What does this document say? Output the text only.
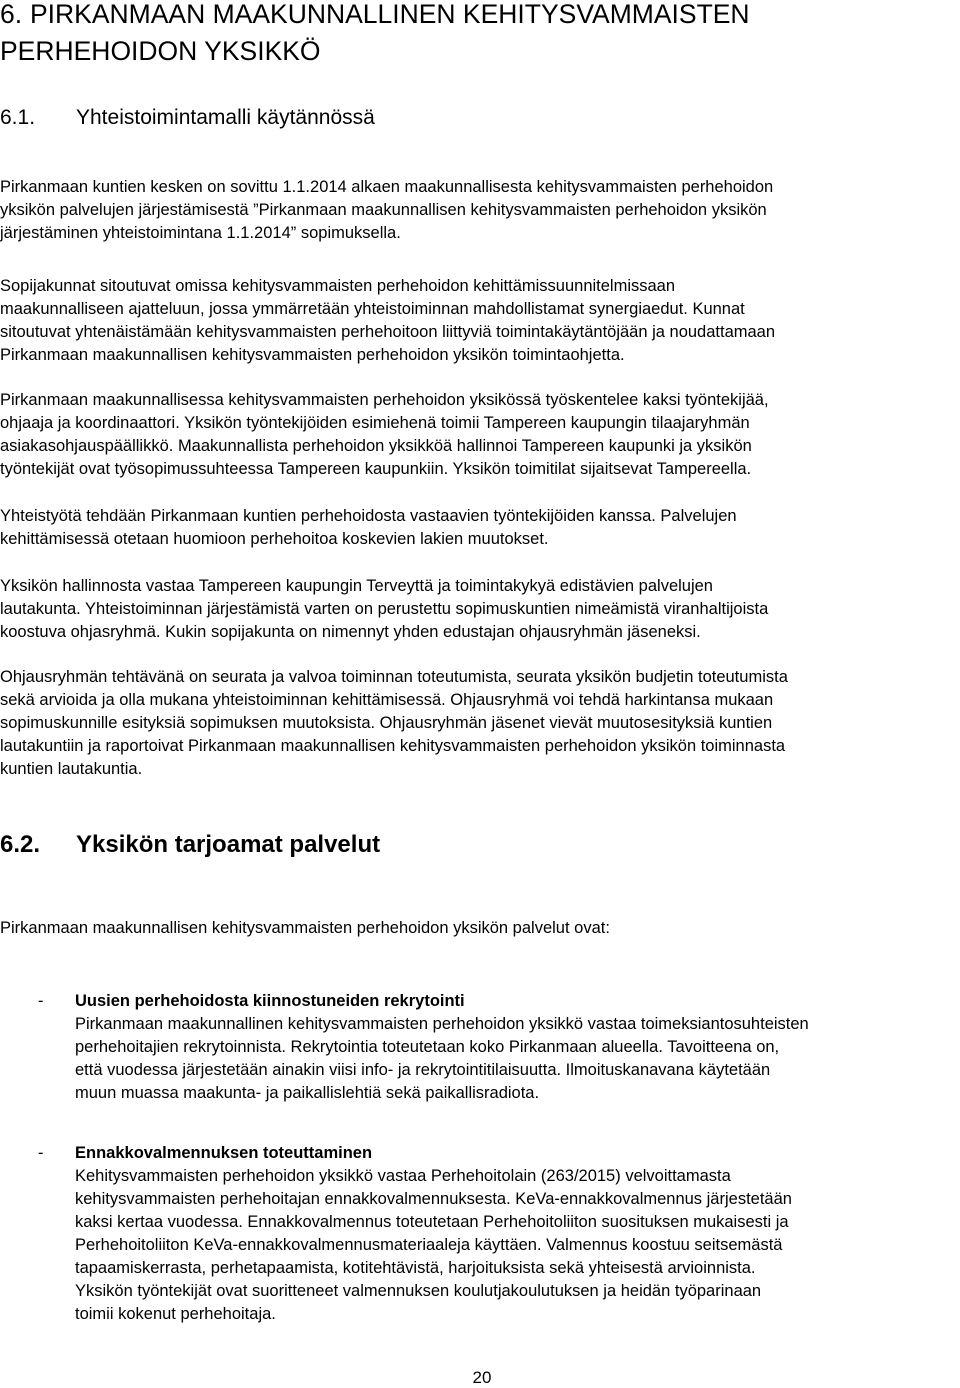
6. PIRKANMAAN MAAKUNNALLINEN KEHITYSVAMMAISTEN
PERHEHOIDON YKSIKKÖ
6.1. Yhteistoimintamalli käytännössä
Pirkanmaan kuntien kesken on sovittu 1.1.2014 alkaen maakunnallisesta kehitysvammaisten perhehoidon
yksikön palvelujen järjestämisestä ”Pirkanmaan maakunnallisen kehitysvammaisten perhehoidon yksikön
järjestäminen yhteistoimintana 1.1.2014” sopimuksella.
Sopijakunnat sitoutuvat omissa kehitysvammaisten perhehoidon kehittämissuunnitelmissaan
maakunnalliseen ajatteluun, jossa ymmärretään yhteistoiminnan mahdollistamat synergiaedut. Kunnat
sitoutuvat yhtenäistämään kehitysvammaisten perhehoitoon liittyviä toimintakäytäntöjään ja noudattamaan
Pirkanmaan maakunnallisen kehitysvammaisten perhehoidon yksikön toimintaohjetta.
Pirkanmaan maakunnallisessa kehitysvammaisten perhehoidon yksikössä työskentelee kaksi työntekijää,
ohjaaja ja koordinaattori. Yksikön työntekijöiden esimiehenä toimii Tampereen kaupungin tilaajaryhmän
asiakasohjauspäällikkö. Maakunnallista perhehoidon yksikköä hallinnoi Tampereen kaupunki ja yksikön
työntekijät ovat työsopimussuhteessa Tampereen kaupunkiin. Yksikön toimitilat sijaitsevat Tampereella.
Yhteistyötä tehdään Pirkanmaan kuntien perhehoidosta vastaavien työntekijöiden kanssa. Palvelujen
kehittämisessä otetaan huomioon perhehoitoa koskevien lakien muutokset.
Yksikön hallinnosta vastaa Tampereen kaupungin Terveyttä ja toimintakykyä edistävien palvelujen
lautakunta. Yhteistoiminnan järjestämistä varten on perustettu sopimuskuntien nimeämistä viranhaltijoista
koostuva ohjasryhmä. Kukin sopijakunta on nimennyt yhden edustajan ohjausryhmän jäseneksi.
Ohjausryhmän tehtävänä on seurata ja valvoa toiminnan toteutumista, seurata yksikön budjetin toteutumista
sekä arvioida ja olla mukana yhteistoiminnan kehittämisessä. Ohjausryhmä voi tehdä harkintansa mukaan
sopimuskunnille esityksiä sopimuksen muutoksista. Ohjausryhmän jäsenet vievät muutosesityksiä kuntien
lautakuntiin ja raportoivat Pirkanmaan maakunnallisen kehitysvammaisten perhehoidon yksikön toiminnasta
kuntien lautakuntia.
6.2. Yksikön tarjoamat palvelut
Pirkanmaan maakunnallisen kehitysvammaisten perhehoidon yksikön palvelut ovat:
- Uusien perhehoidosta kiinnostuneiden rekrytointi
Pirkanmaan maakunnallinen kehitysvammaisten perhehoidon yksikkö vastaa toimeksiantosuhteisten
perhehoitajien rekrytoinnista. Rekrytointia toteutetaan koko Pirkanmaan alueella. Tavoitteena on,
että vuodessa järjestetään ainakin viisi info- ja rekrytointitilaisuutta. Ilmoituskanavana käytetään
muun muassa maakunta- ja paikallislehtiä sekä paikallisradiota.
- Ennakkovalmennuksen toteuttaminen
Kehitysvammaisten perhehoidon yksikkö vastaa Perhehoitolain (263/2015) velvoittamasta
kehitysvammaisten perhehoitajan ennakkovalmennuksesta. KeVa-ennakkovalmennus järjestetään
kaksi kertaa vuodessa. Ennakkovalmennus toteutetaan Perhehoitoliiton suosituksen mukaisesti ja
Perhehoitoliiton KeVa-ennakkovalmennusmateriaaleja käyttäen. Valmennus koostuu seitsemästä
tapaamiskerrasta, perhetapaamista, kotitehtävistä, harjoituksista sekä yhteisestä arvioinnista.
Yksikön työntekijät ovat suoritteneet valmennuksen koulutjakoulutuksen ja heidän työparinaan
toimii kokenut perhehoitaja.
20
